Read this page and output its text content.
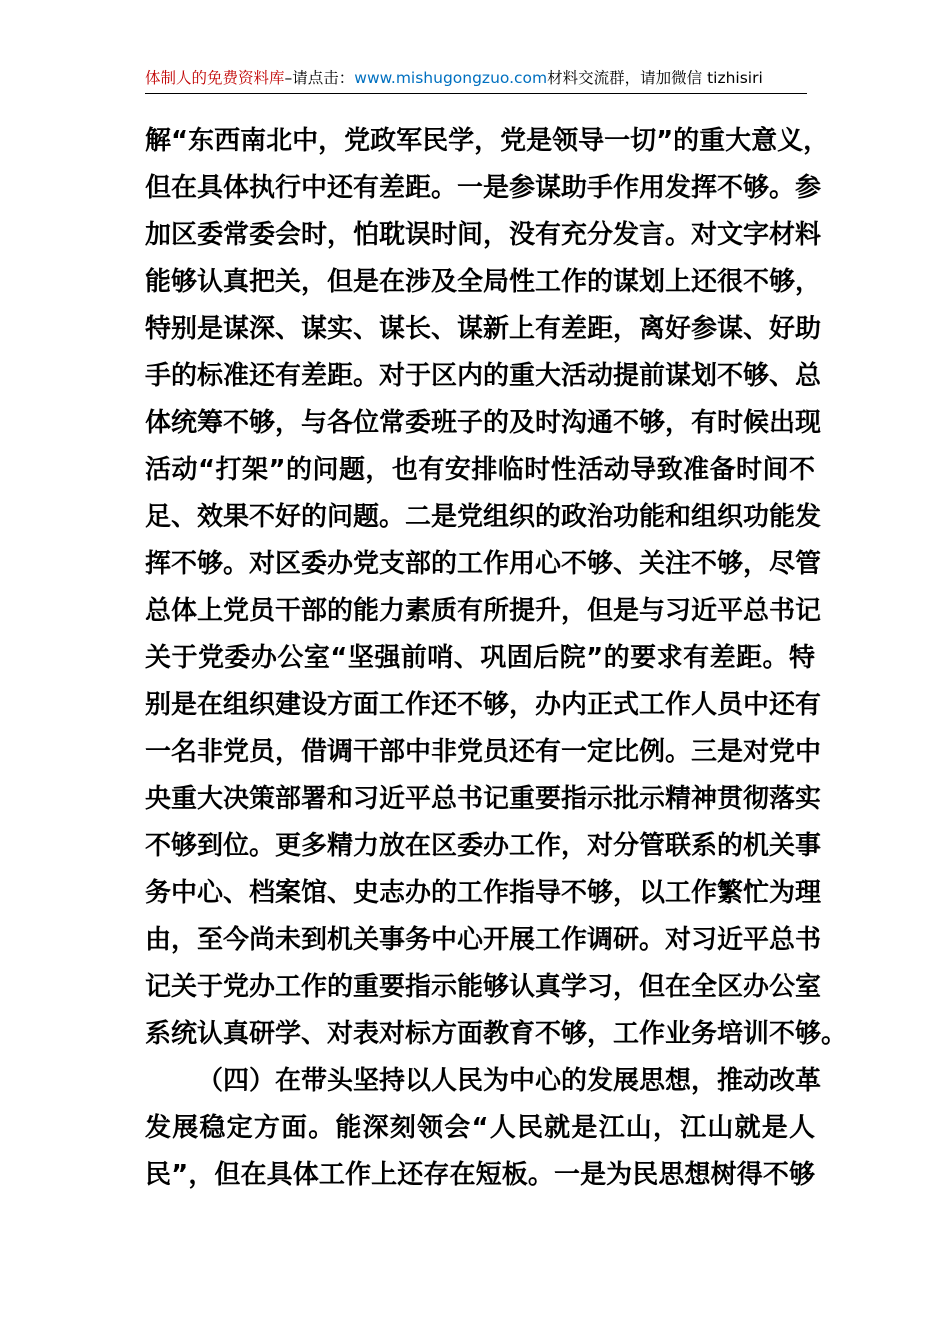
体制人的免费资料库–请点击：www.mishugongzuo.com材料交流群，请加微信 tizhisiri
解“东西南北中，党政军民学，党是领导一切”的重大意义，
但在具体执行中还有差距。一是参谋助手作用发挥不够。参
加区委常委会时，怕耽误时间，没有充分发言。对文字材料
能够认真把关，但是在涉及全局性工作的谋划上还很不够，
特别是谋深、谋实、谋长、谋新上有差距，离好参谋、好助
手的标准还有差距。对于区内的重大活动提前谋划不够、总
体统筹不够，与各位常委班子的及时沟通不够，有时候出现
活动“打架”的问题，也有安排临时性活动导致准备时间不
足、效果不好的问题。二是党组织的政治功能和组织功能发
挥不够。对区委办党支部的工作用心不够、关注不够，尽管
总体上党员干部的能力素质有所提升，但是与习近平总书记
关于党委办公室“坚强前哨、巩固后院”的要求有差距。特
别是在组织建设方面工作还不够，办内正式工作人员中还有
一名非党员，借调干部中非党员还有一定比例。三是对党中
央重大决策部署和习近平总书记重要指示批示精神贯彻落实
不够到位。更多精力放在区委办工作，对分管联系的机关事
务中心、档案馆、史志办的工作指导不够，以工作繁忙为理
由，至今尚未到机关事务中心开展工作调研。对习近平总书
记关于党办工作的重要指示能够认真学习，但在全区办公室
系统认真研学、对表对标方面教育不够，工作业务培训不够。
（四）在带头坚持以人民为中心的发展思想，推动改革
发展稳定方面。能深刻领会“人民就是江山，江山就是人
民”，但在具体工作上还存在短板。一是为民思想树得不够
